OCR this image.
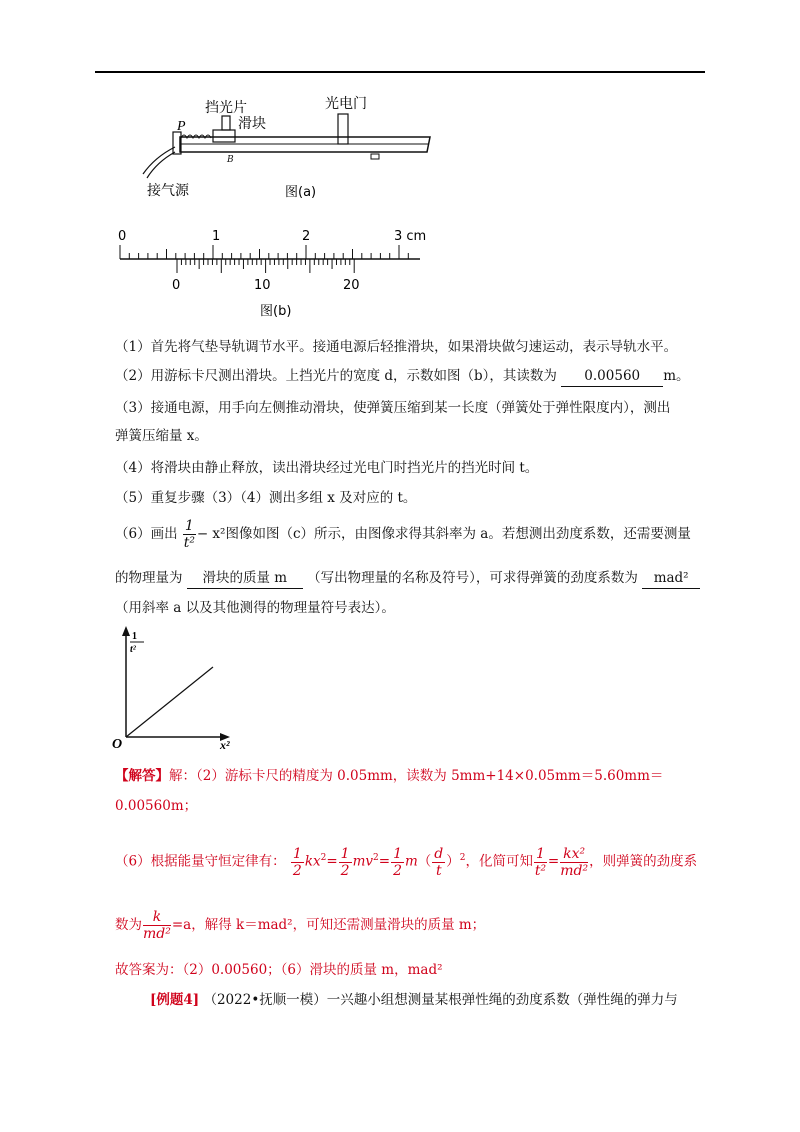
B
P
挡光片
滑块
光电门
接气源	图(a)
0	1	2	3 cm
0	10	20
图(b)
（1）首先将气垫导轨调节水平。接通电源后轻推滑块，如果滑块做匀速运动，表示导轨水平。
（2）用游标卡尺测出滑块。上挡光片的宽度 d，示数如图（b），其读数为 0.00560 m。
（3）接通电源，用手向左侧推动滑块，使弹簧压缩到某一长度（弹簧处于弹性限度内），测出
弹簧压缩量 x。
（4）将滑块由静止释放，读出滑块经过光电门时挡光片的挡光时间 t。
（5）重复步骤（3）（4）测出多组 x 及对应的 t。
（6）画出 $\frac{1}{\text{t²}} - x^2$图像如图（c）所示，由图像求得其斜率为 a。若想测出劲度系数，还需要测量
的物理量为 滑块的质量 m （写出物理量的名称及符号），可求得弹簧的劲度系数为 mad²
（用斜率 a 以及其他测得的物理量符号表达）。
1
t²
O	x²
【解答】解：（2）游标卡尺的精度为 0.05mm，读数为 5mm+14×0.05mm＝5.60mm＝
0.00560m；
（6）根据能量守恒定律有： $\frac{1}{2} kx^2= \frac{1}{2} mv^2= \frac{1}{2} m( \frac{d}{t} )^2$，化简可知 $\frac{1}{\text{t²}} = \frac{\text{kx²}}{\text{md²}}$ ，则弹簧的劲度系
数为 $\frac{k}{\text{md²}} =a$，解得 k＝mad²，可知还需测量滑块的质量 m；
故答案为：（2）0.00560；（6）滑块的质量 m，mad²
[例题4] （2022•抚顺一模）一兴趣小组想测量某根弹性绳的劲度系数（弹性绳的弹力与
